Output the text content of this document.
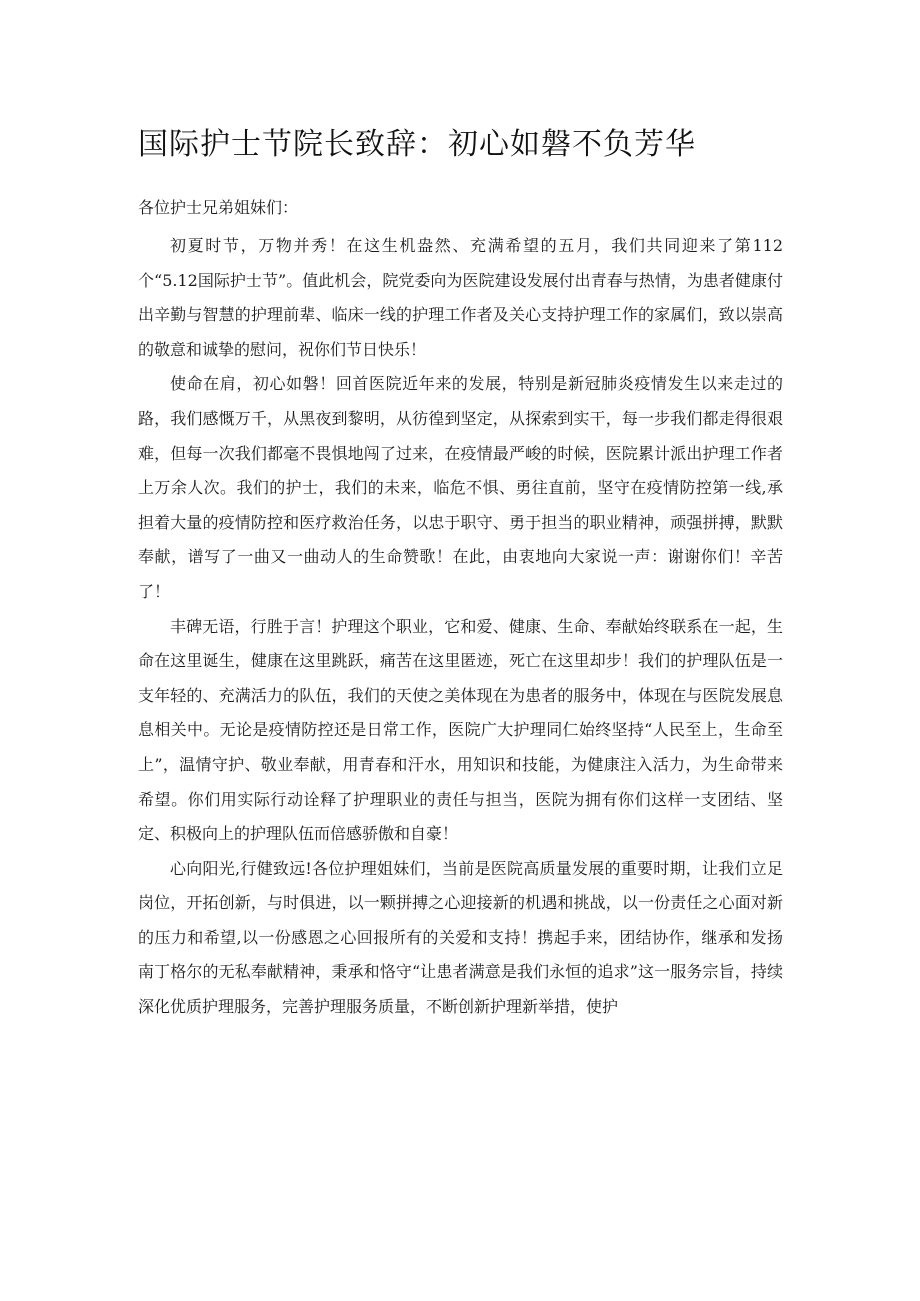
国际护士节院长致辞：初心如磐不负芳华

各位护士兄弟姐妹们：

初夏时节，万物并秀！在这生机盎然、充满希望的五月，我们共同迎来了第112个“5.12国际护士节”。值此机会，院党委向为医院建设发展付出青春与热情，为患者健康付出辛勤与智慧的护理前辈、临床一线的护理工作者及关心支持护理工作的家属们，致以崇高的敬意和诚挚的慰问，祝你们节日快乐！

使命在肩，初心如磐！回首医院近年来的发展，特别是新冠肺炎疫情发生以来走过的路，我们感慨万千，从黑夜到黎明，从彷徨到坚定，从探索到实干，每一步我们都走得很艰难，但每一次我们都毫不畏惧地闯了过来，在疫情最严峻的时候，医院累计派出护理工作者上万余人次。我们的护士，我们的未来，临危不惧、勇往直前，坚守在疫情防控第一线,承担着大量的疫情防控和医疗救治任务，以忠于职守、勇于担当的职业精神，顽强拼搏，默默奉献，谱写了一曲又一曲动人的生命赞歌！在此，由衷地向大家说一声：谢谢你们！辛苦了！

丰碑无语，行胜于言！护理这个职业，它和爱、健康、生命、奉献始终联系在一起，生命在这里诞生，健康在这里跳跃，痛苦在这里匿迹，死亡在这里却步！我们的护理队伍是一支年轻的、充满活力的队伍，我们的天使之美体现在为患者的服务中，体现在与医院发展息息相关中。无论是疫情防控还是日常工作，医院广大护理同仁始终坚持“人民至上，生命至上”，温情守护、敬业奉献，用青春和汗水，用知识和技能，为健康注入活力，为生命带来希望。你们用实际行动诠释了护理职业的责任与担当，医院为拥有你们这样一支团结、坚定、积极向上的护理队伍而倍感骄傲和自豪！

心向阳光,行健致远!各位护理姐妹们，当前是医院高质量发展的重要时期，让我们立足岗位，开拓创新，与时俱进，以一颗拼搏之心迎接新的机遇和挑战，以一份责任之心面对新的压力和希望,以一份感恩之心回报所有的关爱和支持！携起手来，团结协作，继承和发扬南丁格尔的无私奉献精神，秉承和恪守“让患者满意是我们永恒的追求”这一服务宗旨，持续深化优质护理服务，完善护理服务质量，不断创新护理新举措，使护
